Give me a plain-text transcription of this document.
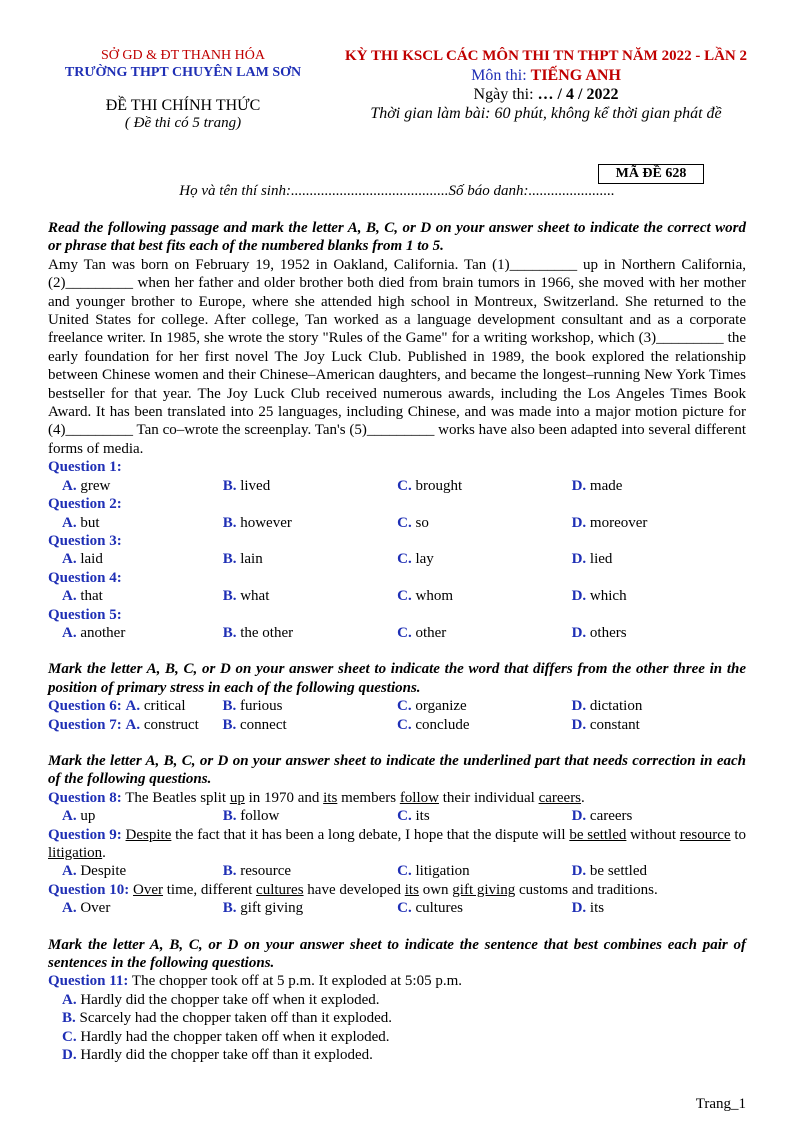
SỞ GD & ĐT THANH HÓA
TRƯỜNG THPT CHUYÊN LAM SƠN
ĐỀ THI CHÍNH THỨC
( Đề thi có 5 trang)
KỲ THI KSCL CÁC MÔN THI TN THPT NĂM 2022 - LẦN 2
Môn thi: TIẾNG ANH
Ngày thi: … / 4 / 2022
Thời gian làm bài: 60 phút, không kể thời gian phát đề
MÃ ĐỀ 628
Họ và tên thí sinh:..........................................Số báo danh:.......................
Read the following passage and mark the letter A, B, C, or D on your answer sheet to indicate the correct word or phrase that best fits each of the numbered blanks from 1 to 5.
Amy Tan was born on February 19, 1952 in Oakland, California. Tan (1)_________ up in Northern California, (2)_________ when her father and older brother both died from brain tumors in 1966, she moved with her mother and younger brother to Europe, where she attended high school in Montreux, Switzerland. She returned to the United States for college. After college, Tan worked as a language development consultant and as a corporate freelance writer. In 1985, she wrote the story "Rules of the Game" for a writing workshop, which (3)_________ the early foundation for her first novel The Joy Luck Club. Published in 1989, the book explored the relationship between Chinese women and their Chinese–American daughters, and became the longest–running New York Times bestseller for that year. The Joy Luck Club received numerous awards, including the Los Angeles Times Book Award. It has been translated into 25 languages, including Chinese, and was made into a major motion picture for (4)_________ Tan co–wrote the screenplay. Tan's (5)_________ works have also been adapted into several different forms of media.
Question 1:
A. grew	B. lived	C. brought	D. made
Question 2:
A. but	B. however	C. so	D. moreover
Question 3:
A. laid	B. lain	C. lay	D. lied
Question 4:
A. that	B. what	C. whom	D. which
Question 5:
A. another	B. the other	C. other	D. others
Mark the letter A, B, C, or D on your answer sheet to indicate the word that differs from the other three in the position of primary stress in each of the following questions.
Question 6: A. critical	B. furious	C. organize	D. dictation
Question 7: A. construct	B. connect	C. conclude	D. constant
Mark the letter A, B, C, or D on your answer sheet to indicate the underlined part that needs correction in each of the following questions.
Question 8: The Beatles split up in 1970 and its members follow their individual careers.
A. up	B. follow	C. its	D. careers
Question 9: Despite the fact that it has been a long debate, I hope that the dispute will be settled without resource to litigation.
A. Despite	B. resource	C. litigation	D. be settled
Question 10: Over time, different cultures have developed its own gift giving customs and traditions.
A. Over	B. gift giving	C. cultures	D. its
Mark the letter A, B, C, or D on your answer sheet to indicate the sentence that best combines each pair of sentences in the following questions.
Question 11: The chopper took off at 5 p.m. It exploded at 5:05 p.m.
A. Hardly did the chopper take off when it exploded.
B. Scarcely had the chopper taken off than it exploded.
C. Hardly had the chopper taken off when it exploded.
D. Hardly did the chopper take off than it exploded.
Trang_1
